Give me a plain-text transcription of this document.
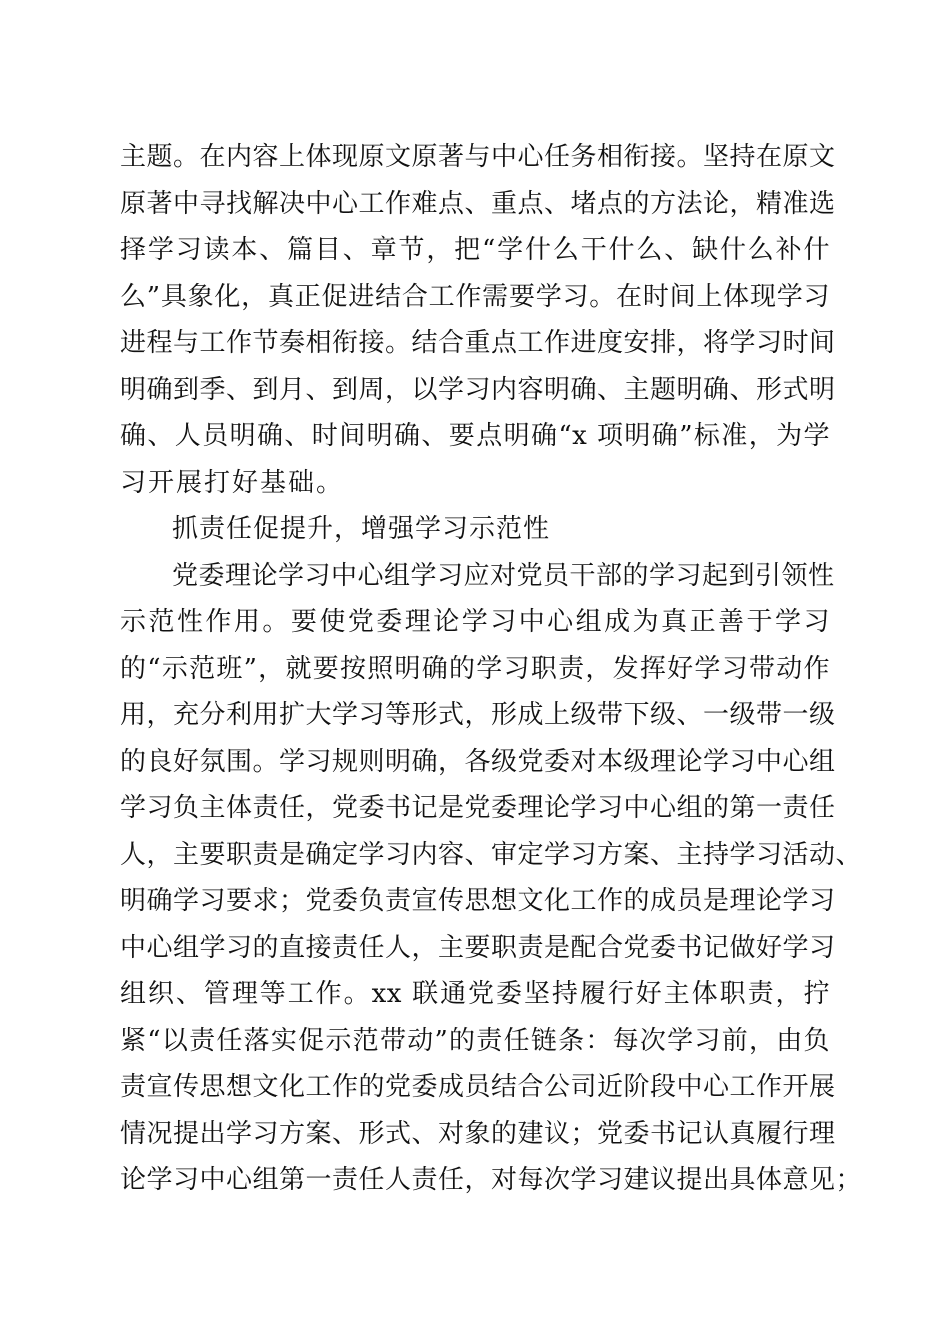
主题。在内容上体现原文原著与中心任务相衔接。坚持在原文
原著中寻找解决中心工作难点、重点、堵点的方法论，精准选
择学习读本、篇目、章节，把“学什么干什么、缺什么补什
么”具象化，真正促进结合工作需要学习。在时间上体现学习
进程与工作节奏相衔接。结合重点工作进度安排，将学习时间
明确到季、到月、到周，以学习内容明确、主题明确、形式明
确、人员明确、时间明确、要点明确“x 项明确”标准，为学
习开展打好基础。
抓责任促提升，增强学习示范性
党委理论学习中心组学习应对党员干部的学习起到引领性
示范性作用。要使党委理论学习中心组成为真正善于学习
的“示范班”，就要按照明确的学习职责，发挥好学习带动作
用，充分利用扩大学习等形式，形成上级带下级、一级带一级
的良好氛围。学习规则明确，各级党委对本级理论学习中心组
学习负主体责任，党委书记是党委理论学习中心组的第一责任
人，主要职责是确定学习内容、审定学习方案、主持学习活动、
明确学习要求；党委负责宣传思想文化工作的成员是理论学习
中心组学习的直接责任人，主要职责是配合党委书记做好学习
组织、管理等工作。xx 联通党委坚持履行好主体职责，拧
紧“以责任落实促示范带动”的责任链条：每次学习前，由负
责宣传思想文化工作的党委成员结合公司近阶段中心工作开展
情况提出学习方案、形式、对象的建议；党委书记认真履行理
论学习中心组第一责任人责任，对每次学习建议提出具体意见；
